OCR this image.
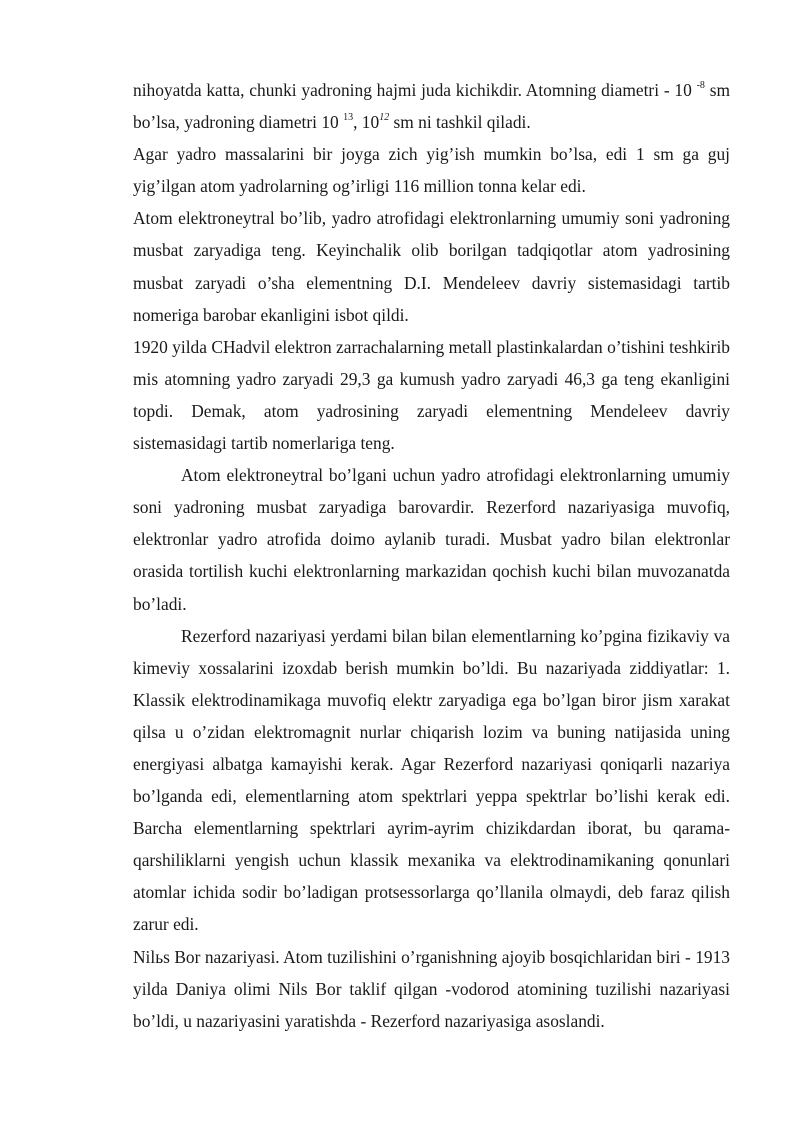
nihoyatda katta, chunki yadroning hajmi juda kichikdir. Atomning diametri - 10 $^{-8}$ sm bo’lsa, yadroning diametri 10 $^{13}$, $10^{12}$ sm ni tashkil qiladi.

Agar yadro massalarini bir joyga zich yig’ish mumkin bo’lsa, edi 1 sm ga guj yig’ilgan atom yadrolarning og’irligi 116 million tonna kelar edi.

Atom elektroneytral bo’lib, yadro atrofidagi elektronlarning umumiy soni yadroning musbat zaryadiga teng. Keyinchalik olib borilgan tadqiqotlar atom yadrosining musbat zaryadi o’sha elementning D.I. Mendeleev davriy sistemasidagi tartib nomeriga barobar ekanligini isbot qildi.

1920 yilda CHadvil elektron zarrachalarning metall plastinkalardan o’tishini teshkirib mis atomning yadro zaryadi 29,3 ga kumush yadro zaryadi 46,3 ga teng ekanligini topdi. Demak, atom yadrosining zaryadi elementning Mendeleev davriy sistemasidagi tartib nomerlariga teng.

Atom elektroneytral bo’lgani uchun yadro atrofidagi elektronlarning umumiy soni yadroning musbat zaryadiga barovardir. Rezerford nazariyasiga muvofiq, elektronlar yadro atrofida doimo aylanib turadi. Musbat yadro bilan elektronlar orasida tortilish kuchi elektronlarning markazidan qochish kuchi bilan muvozanatda bo’ladi.

Rezerford nazariyasi yerdami bilan bilan elementlarning ko’pgina fizikaviy va kimeviy xossalarini izoxdab berish mumkin bo’ldi. Bu nazariyada ziddiyatlar: 1. Klassik elektrodinamikaga muvofiq elektr zaryadiga ega bo’lgan biror jism xarakat qilsa u o’zidan elektromagnit nurlar chiqarish lozim va buning natijasida uning energiyasi albatga kamayishi kerak. Agar Rezerford nazariyasi qoniqarli nazariya bo’lganda edi, elementlarning atom spektrlari yeppa spektrlar bo’lishi kerak edi. Barcha elementlarning spektrlari ayrim-ayrim chizikdardan iborat, bu qarama-qarshiliklarni yengish uchun klassik mexanika va elektrodinamikaning qonunlari atomlar ichida sodir bo’ladigan protsessorlarga qo’llanila olmaydi, deb faraz qilish zarur edi.

Nilьs Bor nazariyasi. Atom tuzilishini o’rganishning ajoyib bosqichlaridan biri - 1913 yilda Daniya olimi Nils Bor taklif qilgan -vodorod atomining tuzilishi nazariyasi bo’ldi, u nazariyasini yaratishda - Rezerford nazariyasiga asoslandi.
